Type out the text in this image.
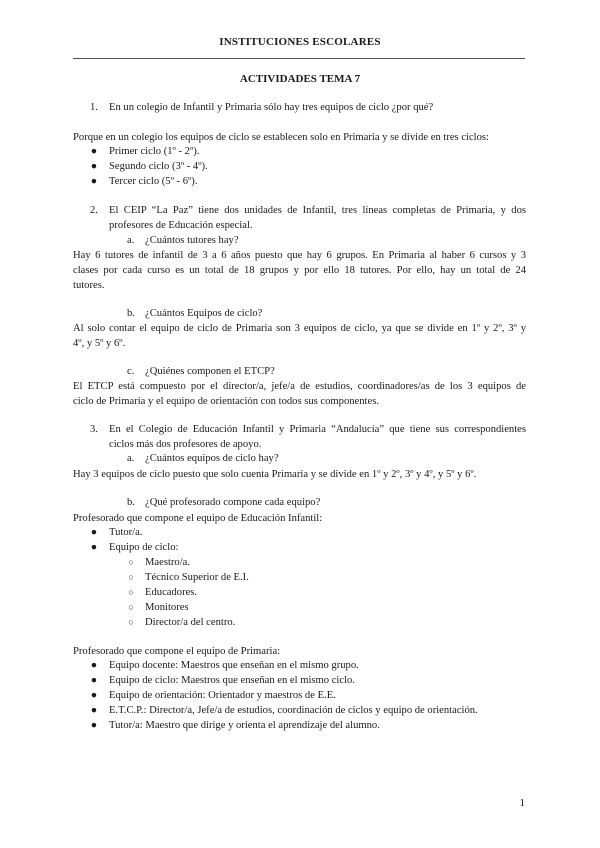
INSTITUCIONES ESCOLARES
ACTIVIDADES TEMA 7
1. En un colegio de Infantil y Primaria sólo hay tres equipos de ciclo ¿por qué?
Porque en un colegio los equipos de ciclo se establecen solo en Primaria y se divide en tres ciclos:
● Primer ciclo (1º - 2º).
● Segundo ciclo (3º - 4º).
● Tercer ciclo (5º - 6º).
2. El CEIP “La Paz” tiene dos unidades de Infantil, tres líneas completas de Primaria, y dos
profesores de Educación especial.
a. ¿Cuántos tutores hay?
Hay 6 tutores de infantil de 3 a 6 años puesto que hay 6 grupos. En Primaria al haber 6 cursos y 3
clases por cada curso es un total de 18 grupos y por ello 18 tutores. Por ello, hay un total de 24
tutores.
b. ¿Cuántos Equipos de ciclo?
Al solo contar el equipo de ciclo de Primaria son 3 equipos de ciclo, ya que se divide en 1º y 2º, 3º y
4º, y 5º y 6º.
c. ¿Quiénes componen el ETCP?
El ETCP está compuesto por el director/a, jefe/a de estudios, coordinadores/as de los 3 equipos de
ciclo de Primaria y el equipo de orientación con todos sus componentes.
3. En el Colegio de Educación Infantil y Primaria “Andalucía” que tiene sus correspondientes
ciclos más dos profesores de apoyo.
a. ¿Cuántos equipos de ciclo hay?
Hay 3 equipos de ciclo puesto que solo cuenta Primaria y se divide en 1º y 2º, 3º y 4º, y 5º y 6º.
b. ¿Qué profesorado compone cada equipo?
Profesorado que compone el equipo de Educación Infantil:
● Tutor/a.
● Equipo de ciclo:
○ Maestro/a.
○ Técnico Superior de E.I.
○ Educadores.
○ Monitores
○ Director/a del centro.
Profesorado que compone el equipo de Primaria:
● Equipo docente: Maestros que enseñan en el mismo grupo.
● Equipo de ciclo: Maestros que enseñan en el mismo ciclo.
● Equipo de orientación: Orientador y maestros de E.E.
● E.T.C.P.: Director/a, Jefe/a de estudios, coordinación de ciclos y equipo de orientación.
● Tutor/a: Maestro que dirige y orienta el aprendizaje del alumno.
1
